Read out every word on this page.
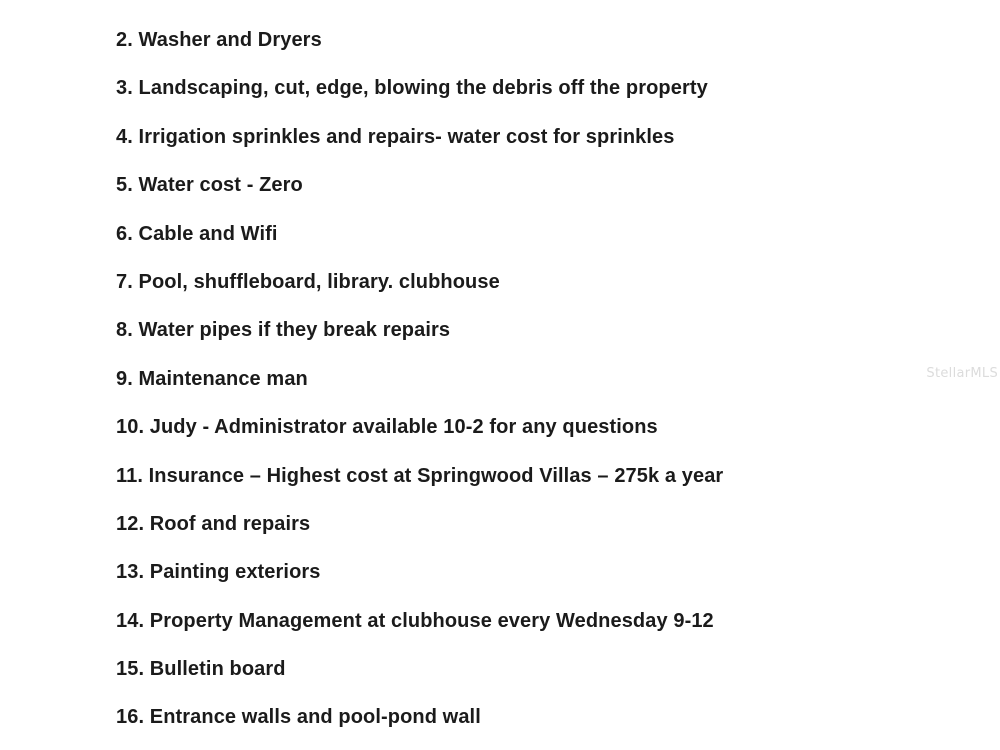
2. Washer and Dryers
3. Landscaping, cut, edge, blowing the debris off the property
4. Irrigation sprinkles and repairs- water cost for sprinkles
5. Water cost - Zero
6. Cable and Wifi
7. Pool, shuffleboard, library. clubhouse
8. Water pipes if they break repairs
9. Maintenance man
10. Judy - Administrator available 10-2 for any questions
11. Insurance – Highest cost at Springwood Villas – 275k a year
12. Roof and repairs
13. Painting exteriors
14. Property Management at clubhouse every Wednesday 9-12
15. Bulletin board
16. Entrance walls and pool-pond wall
StellarMLS
